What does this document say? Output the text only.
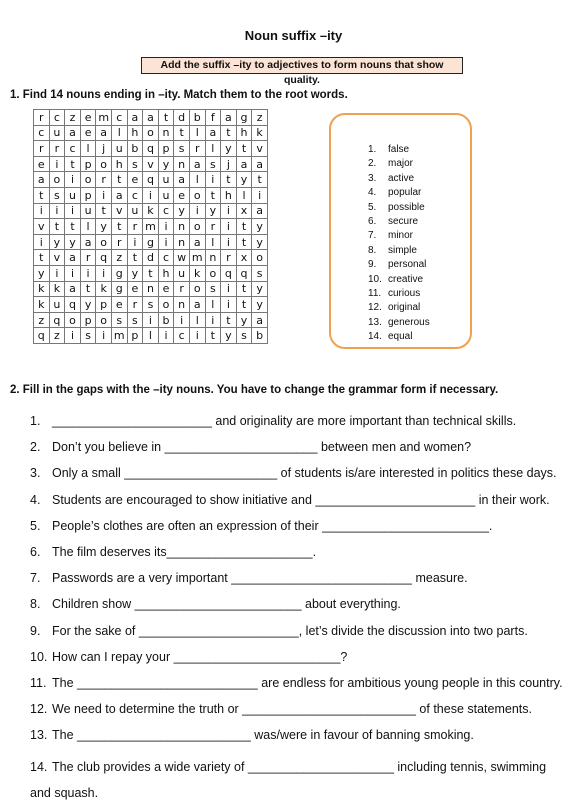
Noun suffix –ity
Add the suffix –ity to adjectives to form nouns that show quality.
1. Find 14 nouns ending in –ity. Match them to the root words.
r	c	z	e	m	c	a	a	t	d	b	f	a	g	z
c	u	a	e	a	l	h	o	n	t	l	a	t	h	k
r	r	c	l	j	u	b	q	p	s	r	l	y	t	v
e	i	t	p	o	h	s	v	y	n	a	s	j	a	a
a	o	i	o	r	t	e	q	u	a	l	i	t	y	t
t	s	u	p	i	a	c	i	u	e	o	t	h	l	i
i	i	i	u	t	v	u	k	c	y	i	y	i	x	a
v	t	t	l	y	t	r	m	i	n	o	r	i	t	y
i	y	y	a	o	r	i	g	i	n	a	l	i	t	y
t	v	a	r	q	z	t	d	c	w	m	n	r	x	o
y	i	i	i	i	g	y	t	h	u	k	o	q	q	s
k	k	a	t	k	g	e	n	e	r	o	s	i	t	y
k	u	q	y	p	e	r	s	o	n	a	l	i	t	y
z	q	o	p	o	s	s	i	b	i	l	i	t	y	a
q	z	i	s	i	m	p	l	i	c	i	t	y	s	b
1. false
2. major
3. active
4. popular
5. possible
6. secure
7. minor
8. simple
9. personal
10. creative
11. curious
12. original
13. generous
14. equal
2. Fill in the gaps with the –ity nouns. You have to change the grammar form if necessary.
1. _______________________ and originality are more important than technical skills.
2. Don’t you believe in ______________________ between men and women?
3. Only a small ______________________ of students is/are interested in politics these days.
4. Students are encouraged to show initiative and _______________________ in their work.
5. People’s clothes are often an expression of their ________________________.
6. The film deserves its_____________________.
7. Passwords are a very important __________________________ measure.
8. Children show ________________________ about everything.
9. For the sake of _______________________, let’s divide the discussion into two parts.
10. How can I repay your ________________________?
11. The __________________________ are endless for ambitious young people in this country.
12. We need to determine the truth or _________________________ of these statements.
13. The _________________________ was/were in favour of banning smoking.
14. The club provides a wide variety of _____________________ including tennis, swimming and squash.
